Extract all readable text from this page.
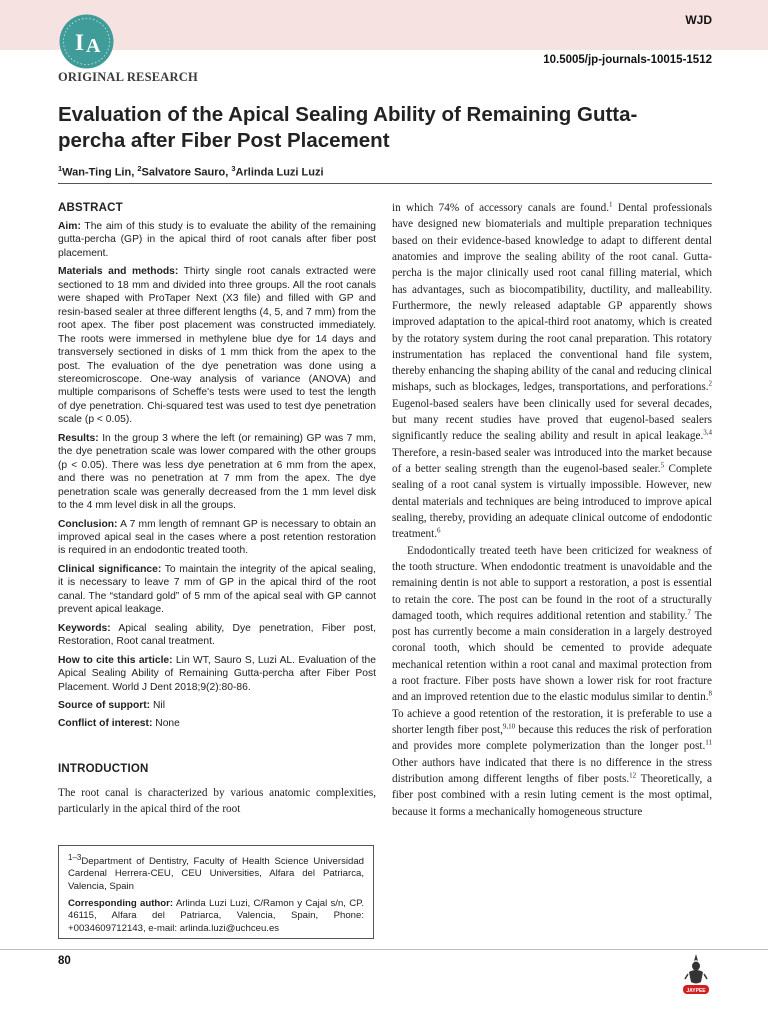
WJD
10.5005/jp-journals-10015-1512
I A
ORIGINAL RESEARCH
Evaluation of the Apical Sealing Ability of Remaining Gutta-percha after Fiber Post Placement
$^1$Wan-Ting Lin, $^2$Salvatore Sauro, $^3$Arlinda Luzi Luzi
ABSTRACT

Aim: The aim of this study is to evaluate the ability of the remaining gutta-percha (GP) in the apical third of root canals after fiber post placement.

Materials and methods: Thirty single root canals extracted were sectioned to 18 mm and divided into three groups. All the root canals were shaped with ProTaper Next (X3 file) and filled with GP and resin-based sealer at three different lengths (4, 5, and 7 mm) from the root apex. The fiber post placement was constructed immediately. The roots were immersed in methylene blue dye for 14 days and transversely sectioned in disks of 1 mm thick from the apex to the post. The evaluation of the dye penetration was done using a stereomicroscope. One-way analysis of variance (ANOVA) and multiple comparisons of Scheffe's tests were used to test the length of dye penetration. Chi-squared test was used to test dye penetration scale (p < 0.05).

Results: In the group 3 where the left (or remaining) GP was 7 mm, the dye penetration scale was lower compared with the other groups (p < 0.05). There was less dye penetration at 6 mm from the apex, and there was no penetration at 7 mm from the apex. The dye penetration scale was generally decreased from the 1 mm level disk to the 4 mm level disk in all the groups.

Conclusion: A 7 mm length of remnant GP is necessary to obtain an improved apical seal in the cases where a post retention restoration is required in an endodontic treated tooth.

Clinical significance: To maintain the integrity of the apical sealing, it is necessary to leave 7 mm of GP in the apical third of the root canal. The “standard gold” of 5 mm of the apical seal with GP cannot prevent apical leakage.

Keywords: Apical sealing ability, Dye penetration, Fiber post, Restoration, Root canal treatment.

How to cite this article: Lin WT, Sauro S, Luzi AL. Evaluation of the Apical Sealing Ability of Remaining Gutta-percha after Fiber Post Placement. World J Dent 2018;9(2):80-86.

Source of support: Nil

Conflict of interest: None

INTRODUCTION
The root canal is characterized by various anatomic complexities, particularly in the apical third of the root

$^{1-3}$Department of Dentistry, Faculty of Health Science Universidad Cardenal Herrera-CEU, CEU Universities, Alfara del Patriarca, Valencia, Spain

Corresponding author: Arlinda Luzi Luzi, C/Ramon y Cajal s/n, CP. 46115, Alfara del Patriarca, Valencia, Spain, Phone: +0034609712143, e-mail: arlinda.luzi@uchceu.es

in which 74% of accessory canals are found.$^1$ Dental professionals have designed new biomaterials and multiple preparation techniques based on their evidence-based knowledge to adapt to different dental anatomies and improve the sealing ability of the root canal. Gutta-percha is the major clinically used root canal filling material, which has advantages, such as biocompatibility, ductility, and malleability. Furthermore, the newly released adaptable GP apparently shows improved adaptation to the apical-third root anatomy, which is created by the rotatory system during the root canal preparation. This rotatory instrumentation has replaced the conventional hand file system, thereby enhancing the shaping ability of the canal and reducing clinical mishaps, such as blockages, ledges, transportations, and perforations.$^2$ Eugenol-based sealers have been clinically used for several decades, but many recent studies have proved that eugenol-based sealers significantly reduce the sealing ability and result in apical leakage.$^{3,4}$ Therefore, a resin-based sealer was introduced into the market because of a better sealing strength than the eugenol-based sealer.$^5$ Complete sealing of a root canal system is virtually impossible. However, new dental materials and techniques are being introduced to improve apical sealing, thereby, providing an adequate clinical outcome of endodontic treatment.$^6$

Endodontically treated teeth have been criticized for weakness of the tooth structure. When endodontic treatment is unavoidable and the remaining dentin is not able to support a restoration, a post is essential to retain the core. The post can be found in the root of a structurally damaged tooth, which requires additional retention and stability.$^7$ The post has currently become a main consideration in a largely destroyed coronal tooth, which should be cemented to provide adequate mechanical retention within a root canal and maximal protection from a root fracture. Fiber posts have shown a lower risk for root fracture and an improved retention due to the elastic modulus similar to dentin.$^8$ To achieve a good retention of the restoration, it is preferable to use a shorter length fiber post,$^{9,10}$ because this reduces the risk of perforation and provides more complete polymerization than the longer post.$^{11}$ Other authors have indicated that there is no difference in the stress distribution among different lengths of fiber posts.$^{12}$ Theoretically, a fiber post combined with a resin luting cement is the most optimal, because it forms a mechanically homogeneous structure

80
JAYPEE
